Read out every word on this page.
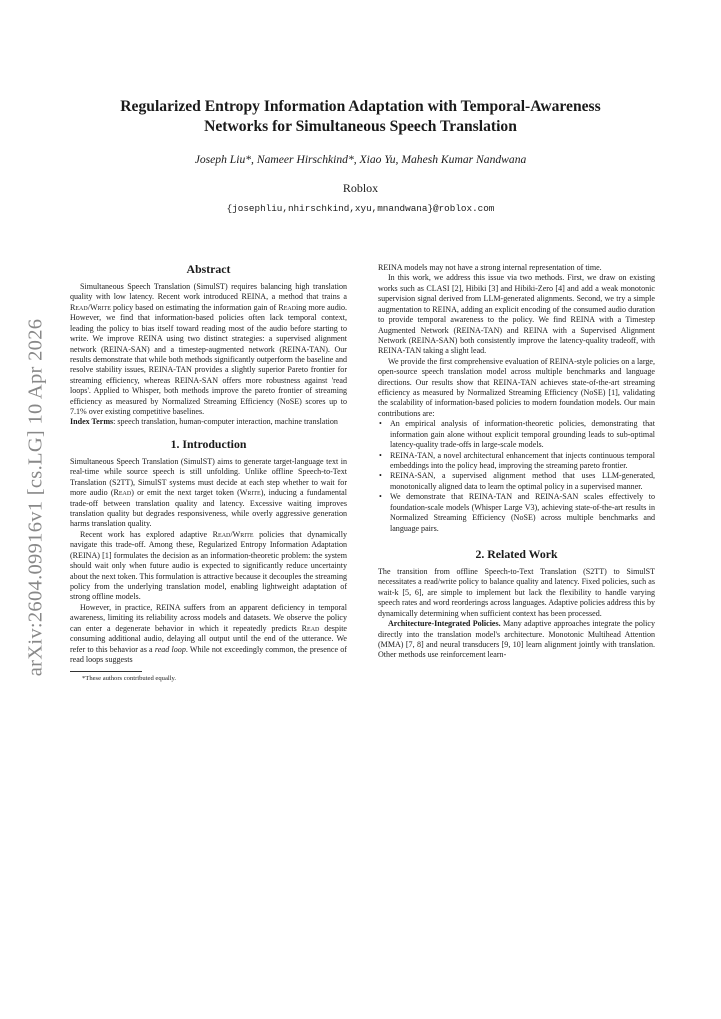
Regularized Entropy Information Adaptation with Temporal-Awareness
Networks for Simultaneous Speech Translation
Joseph Liu*, Nameer Hirschkind*, Xiao Yu, Mahesh Kumar Nandwana
Roblox
{josephliu,nhirschkind,xyu,mnandwana}@roblox.com
arXiv:2604.09916v1 [cs.LG] 10 Apr 2026
Abstract

Simultaneous Speech Translation (SimulST) requires balancing high translation quality with low latency. Recent work introduced REINA, a method that trains a Read/Write policy based on estimating the information gain of Reading more audio. However, we find that information-based policies often lack temporal context, leading the policy to bias itself toward reading most of the audio before starting to write. We improve REINA using two distinct strategies: a supervised alignment network (REINA-SAN) and a timestep-augmented network (REINA-TAN). Our results demonstrate that while both methods significantly outperform the baseline and resolve stability issues, REINA-TAN provides a slightly superior Pareto frontier for streaming efficiency, whereas REINA-SAN offers more robustness against 'read loops'. Applied to Whisper, both methods improve the pareto frontier of streaming efficiency as measured by Normalized Streaming Efficiency (NoSE) scores up to 7.1% over existing competitive baselines.

Index Terms: speech translation, human-computer interaction, machine translation

1. Introduction

Simultaneous Speech Translation (SimulST) aims to generate target-language text in real-time while source speech is still unfolding. Unlike offline Speech-to-Text Translation (S2TT), SimulST systems must decide at each step whether to wait for more audio (Read) or emit the next target token (Write), inducing a fundamental trade-off between translation quality and latency. Excessive waiting improves translation quality but degrades responsiveness, while overly aggressive generation harms translation quality.

Recent work has explored adaptive Read/Write policies that dynamically navigate this trade-off. Among these, Regularized Entropy Information Adaptation (REINA) [1] formulates the decision as an information-theoretic problem: the system should wait only when future audio is expected to significantly reduce uncertainty about the next token. This formulation is attractive because it decouples the streaming policy from the underlying translation model, enabling lightweight adaptation of strong offline models.

However, in practice, REINA suffers from an apparent deficiency in temporal awareness, limiting its reliability across models and datasets. We observe the policy can enter a degenerate behavior in which it repeatedly predicts Read despite consuming additional audio, delaying all output until the end of the utterance. We refer to this behavior as a read loop. While not exceedingly common, the presence of read loops suggests

*These authors contributed equally.

REINA models may not have a strong internal representation of time.

In this work, we address this issue via two methods. First, we draw on existing works such as CLASI [2], Hibiki [3] and Hibiki-Zero [4] and add a weak monotonic supervision signal derived from LLM-generated alignments. Second, we try a simple augmentation to REINA, adding an explicit encoding of the consumed audio duration to provide temporal awareness to the policy. We find REINA with a Timestep Augmented Network (REINA-TAN) and REINA with a Supervised Alignment Network (REINA-SAN) both consistently improve the latency-quality tradeoff, with REINA-TAN taking a slight lead.

We provide the first comprehensive evaluation of REINA-style policies on a large, open-source speech translation model across multiple benchmarks and language directions. Our results show that REINA-TAN achieves state-of-the-art streaming efficiency as measured by Normalized Streaming Efficiency (NoSE) [1], validating the scalability of information-based policies to modern foundation models. Our main contributions are:

• An empirical analysis of information-theoretic policies, demonstrating that information gain alone without explicit temporal grounding leads to sub-optimal latency-quality trade-offs in large-scale models.
• REINA-TAN, a novel architectural enhancement that injects continuous temporal embeddings into the policy head, improving the streaming pareto frontier.
• REINA-SAN, a supervised alignment method that uses LLM-generated, monotonically aligned data to learn the optimal policy in a supervised manner.
• We demonstrate that REINA-TAN and REINA-SAN scales effectively to foundation-scale models (Whisper Large V3), achieving state-of-the-art results in Normalized Streaming Efficiency (NoSE) across multiple benchmarks and language pairs.
2. Related Work

The transition from offline Speech-to-Text Translation (S2TT) to SimulST necessitates a read/write policy to balance quality and latency. Fixed policies, such as wait-k [5, 6], are simple to implement but lack the flexibility to handle varying speech rates and word reorderings across languages. Adaptive policies address this by dynamically determining when sufficient context has been processed.

Architecture-Integrated Policies. Many adaptive approaches integrate the policy directly into the translation model's architecture. Monotonic Multihead Attention (MMA) [7, 8] and neural transducers [9, 10] learn alignment jointly with translation. Other methods use reinforcement learn-
